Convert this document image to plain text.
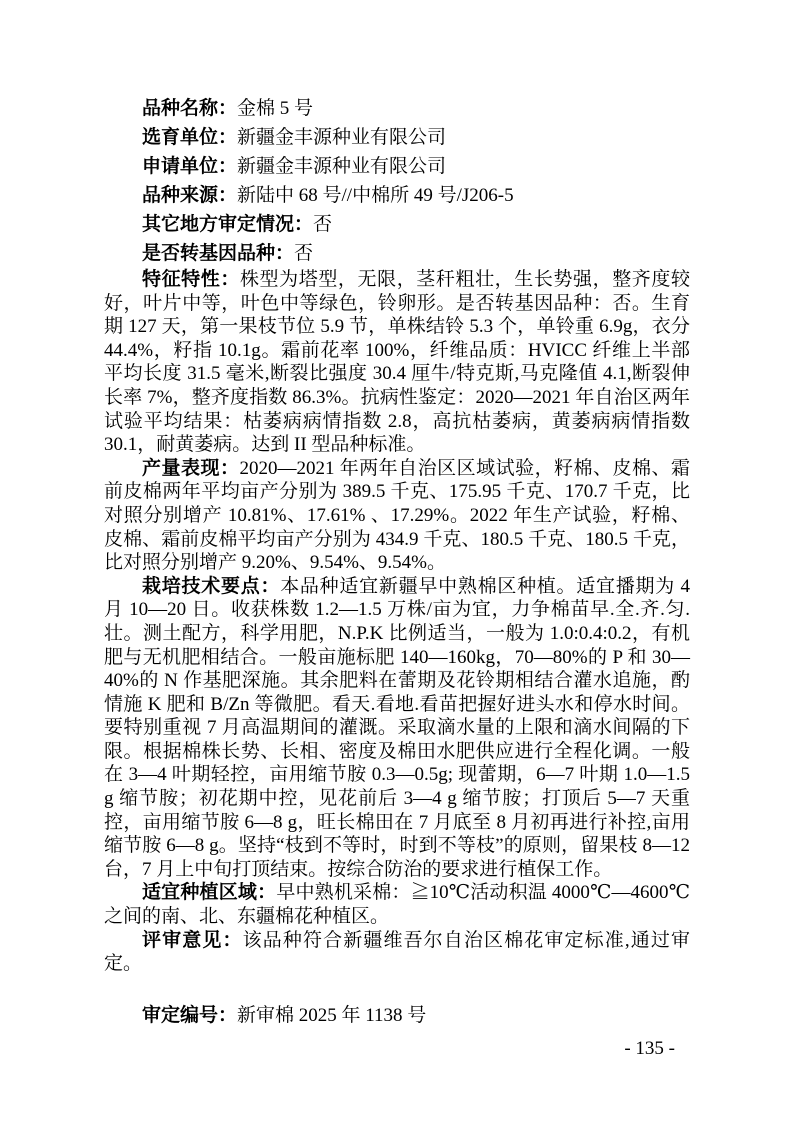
品种名称：金棉 5 号

选育单位：新疆金丰源种业有限公司

申请单位：新疆金丰源种业有限公司

品种来源：新陆中 68 号//中棉所 49 号/J206-5

其它地方审定情况：否

是否转基因品种：否

特征特性：株型为塔型，无限，茎秆粗壮，生长势强，整齐度较好，叶片中等，叶色中等绿色，铃卵形。是否转基因品种：否。生育期 127 天，第一果枝节位 5.9 节，单株结铃 5.3 个，单铃重 6.9g，衣分 44.4%，籽指 10.1g。霜前花率 100%，纤维品质：HVICC 纤维上半部平均长度 31.5 毫米,断裂比强度 30.4 厘牛/特克斯,马克隆值 4.1,断裂伸长率 7%，整齐度指数 86.3%。抗病性鉴定：2020—2021 年自治区两年试验平均结果：枯萎病病情指数 2.8，高抗枯萎病，黄萎病病情指数 30.1，耐黄萎病。达到 II 型品种标准。

产量表现：2020—2021 年两年自治区区域试验，籽棉、皮棉、霜前皮棉两年平均亩产分别为 389.5 千克、175.95 千克、170.7 千克，比对照分别增产 10.81%、17.61% 、17.29%。2022 年生产试验，籽棉、皮棉、霜前皮棉平均亩产分别为 434.9 千克、180.5 千克、180.5 千克，比对照分别增产 9.20%、9.54%、9.54%。

栽培技术要点：本品种适宜新疆早中熟棉区种植。适宜播期为 4 月 10—20 日。收获株数 1.2—1.5 万株/亩为宜，力争棉苗早.全.齐.匀.壮。测土配方，科学用肥，N.P.K 比例适当，一般为 1.0:0.4:0.2，有机肥与无机肥相结合。一般亩施标肥 140—160kg，70—80%的 P 和 30—40%的 N 作基肥深施。其余肥料在蕾期及花铃期相结合灌水追施，酌情施 K 肥和 B/Zn 等微肥。看天.看地.看苗把握好进头水和停水时间。要特别重视 7 月高温期间的灌溉。采取滴水量的上限和滴水间隔的下限。根据棉株长势、长相、密度及棉田水肥供应进行全程化调。一般在 3—4 叶期轻控，亩用缩节胺 0.3—0.5g; 现蕾期，6—7 叶期 1.0—1.5 g 缩节胺；初花期中控，见花前后 3—4 g 缩节胺；打顶后 5—7 天重控，亩用缩节胺 6—8 g，旺长棉田在 7 月底至 8 月初再进行补控,亩用缩节胺 6—8 g。坚持“枝到不等时，时到不等枝”的原则，留果枝 8—12 台，7 月上中旬打顶结束。按综合防治的要求进行植保工作。

适宜种植区域：早中熟机采棉：≧10℃活动积温 4000℃—4600℃之间的南、北、东疆棉花种植区。

评审意见：该品种符合新疆维吾尔自治区棉花审定标准,通过审定。

审定编号：新审棉 2025 年 1138 号

- 135 -
